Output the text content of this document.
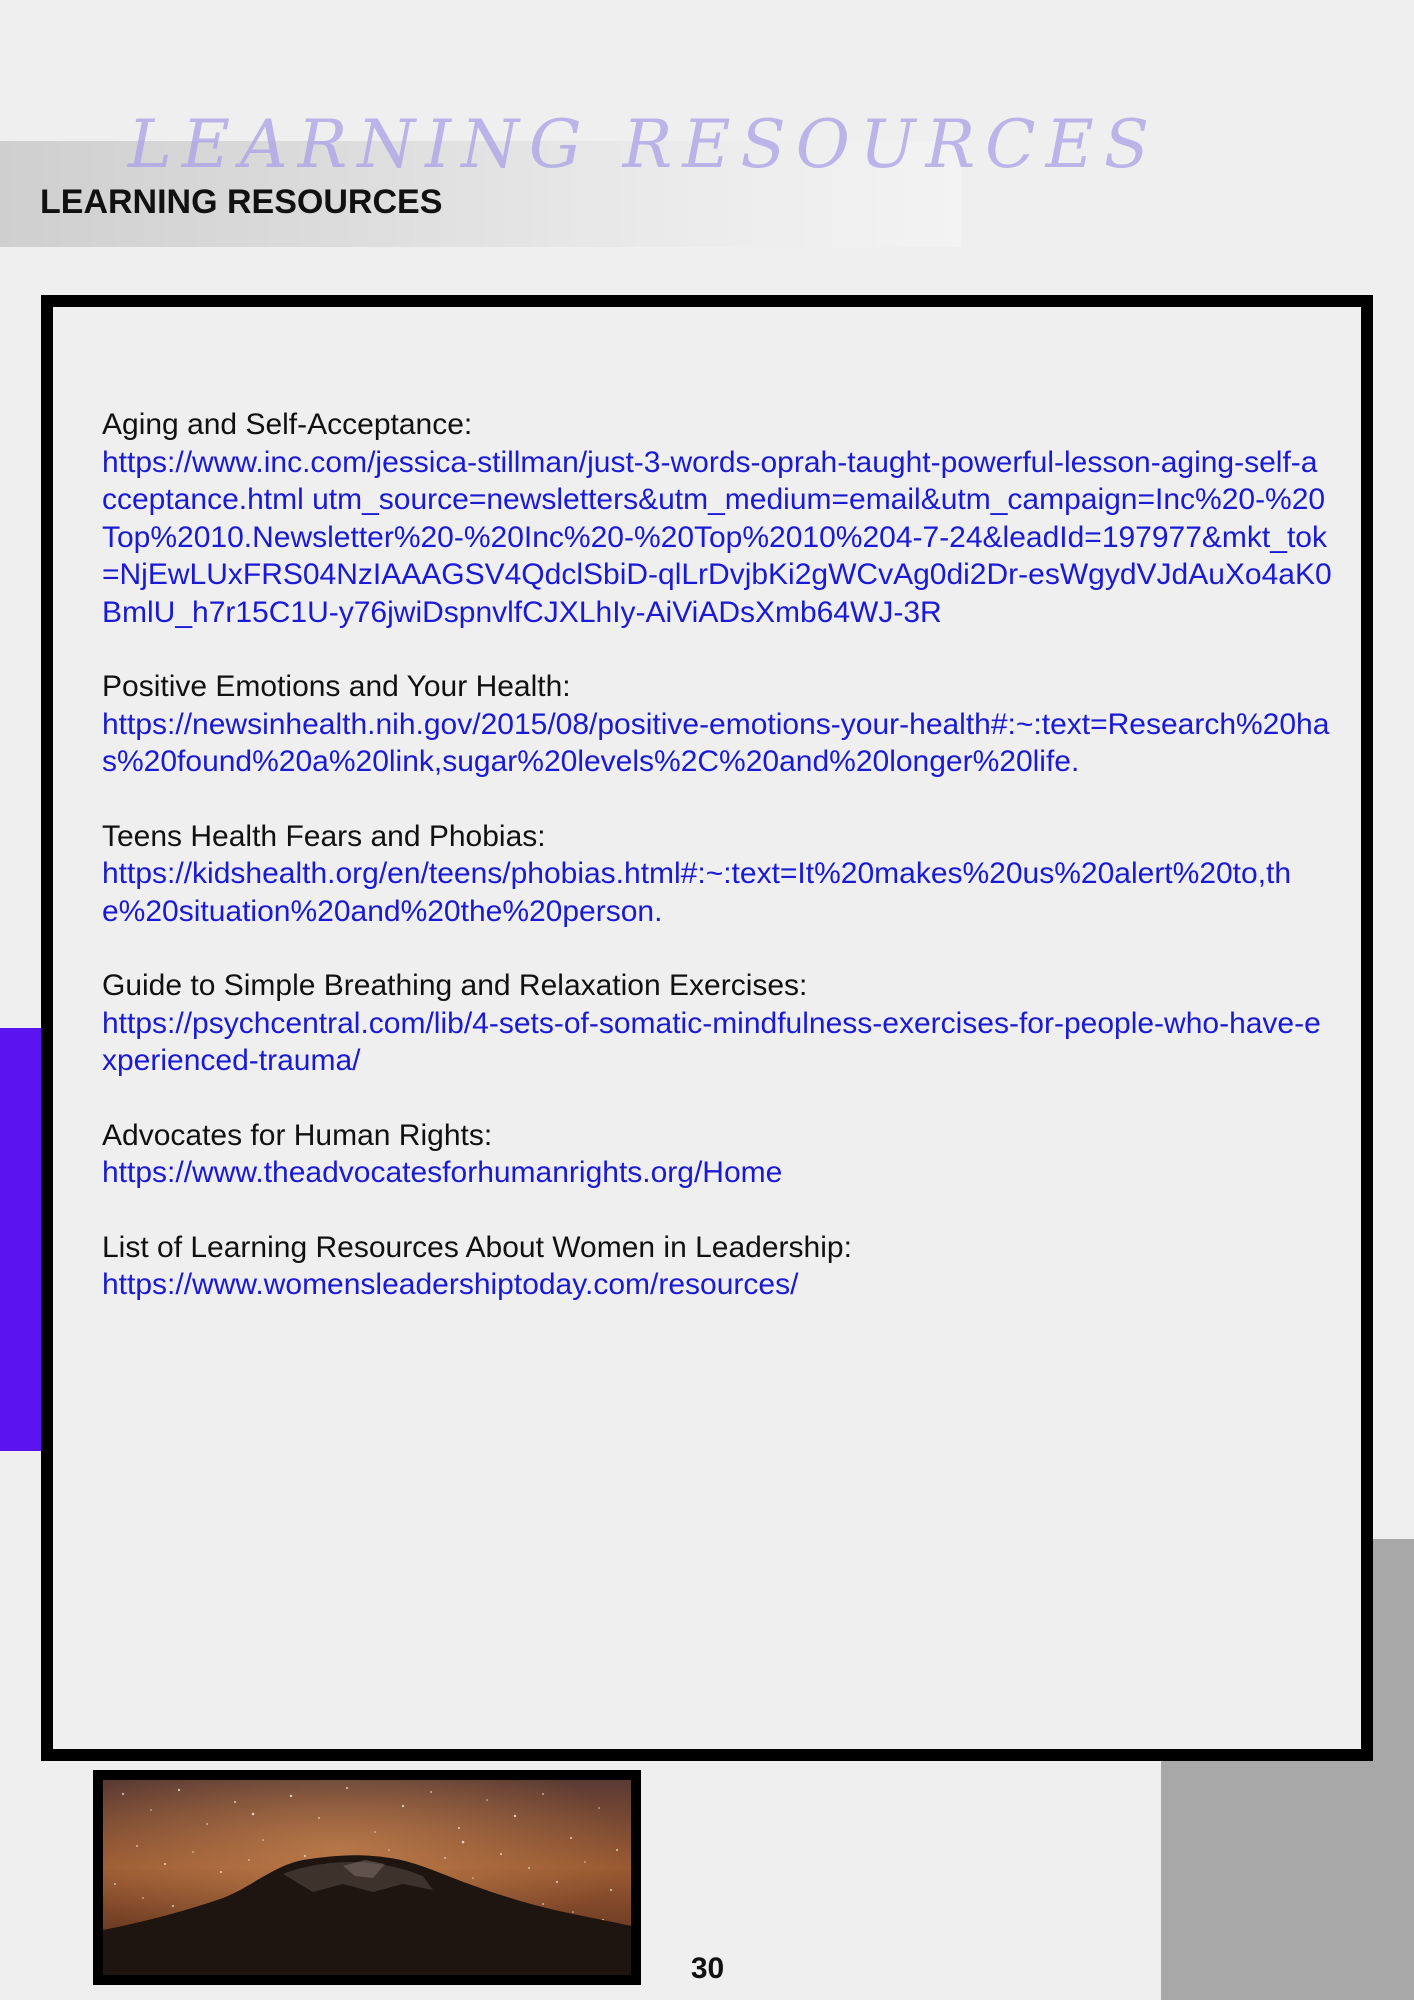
LEARNING RESOURCES
LEARNING RESOURCES
Aging and Self-Acceptance:
https://www.inc.com/jessica-stillman/just-3-words-oprah-taught-powerful-lesson-aging-self-acceptance.html utm_source=newsletters&utm_medium=email&utm_campaign=Inc%20-%20Top%2010.Newsletter%20-%20Inc%20-%20Top%2010%204-7-24&leadId=197977&mkt_tok=NjEwLUxFRS04NzIAAAGSV4QdclSbiD-qlLrDvjbKi2gWCvAg0di2Dr-esWgydVJdAuXo4aK0BmlU_h7r15C1U-y76jwiDspnvlfCJXLhIy-AiViADsXmb64WJ-3R
Positive Emotions and Your Health:
https://newsinhealth.nih.gov/2015/08/positive-emotions-your-health#:~:text=Research%20has%20found%20a%20link,sugar%20levels%2C%20and%20longer%20life.
Teens Health Fears and Phobias:
https://kidshealth.org/en/teens/phobias.html#:~:text=It%20makes%20us%20alert%20to,the%20situation%20and%20the%20person.
Guide to Simple Breathing and Relaxation Exercises:
https://psychcentral.com/lib/4-sets-of-somatic-mindfulness-exercises-for-people-who-have-experienced-trauma/
Advocates for Human Rights:
https://www.theadvocatesforhumanrights.org/Home
List of Learning Resources About Women in Leadership:
https://www.womensleadershiptoday.com/resources/
30
